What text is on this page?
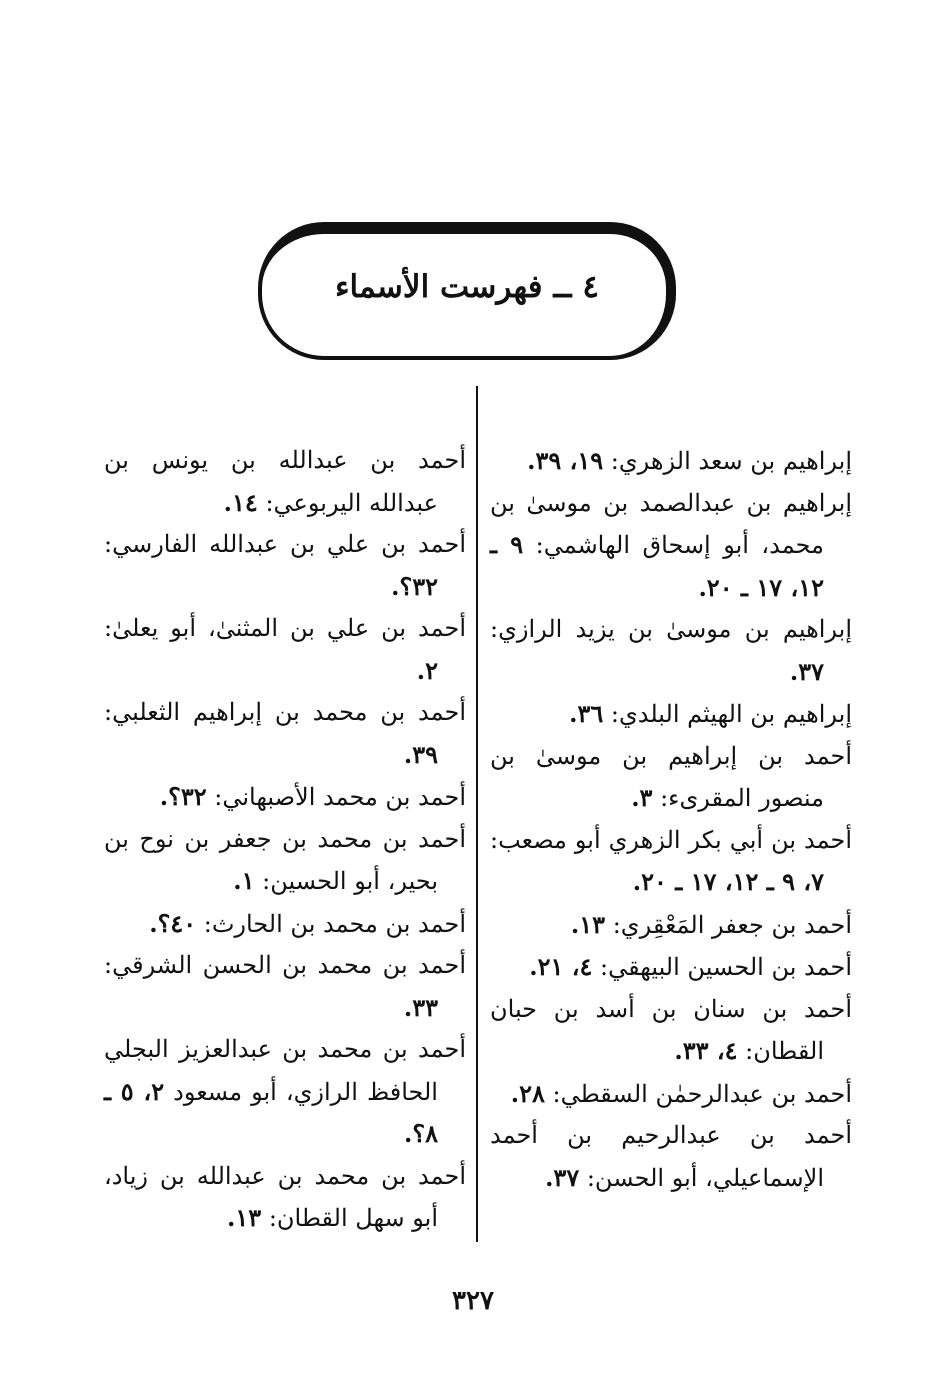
٤ ــ فهرست الأسماء
إبراهيم بن سعد الزهري: ١٩، ٣٩.
إبراهيم بن عبدالصمد بن موسىٰ بن محمد، أبو إسحاق الهاشمي: ٩ ـ ١٢، ١٧ ـ ٢٠.
إبراهيم بن موسىٰ بن يزيد الرازي: ٣٧.
إبراهيم بن الهيثم البلدي: ٣٦.
أحمد بن إبراهيم بن موسىٰ بن منصور المقرىء: ٣.
أحمد بن أبي بكر الزهري أبو مصعب: ٧، ٩ ـ ١٢، ١٧ ـ ٢٠.
أحمد بن جعفر المَعْقِري: ١٣.
أحمد بن الحسين البيهقي: ٤، ٢١.
أحمد بن سنان بن أسد بن حبان القطان: ٤، ٣٣.
أحمد بن عبدالرحمٰن السقطي: ٢٨.
أحمد بن عبدالرحيم بن أحمد الإسماعيلي، أبو الحسن: ٣٧.
أحمد بن عبدالله بن يونس بن عبدالله اليربوعي: ١٤.
أحمد بن علي بن عبدالله الفارسي: ٣٢؟.
أحمد بن علي بن المثنىٰ، أبو يعلىٰ: ٢.
أحمد بن محمد بن إبراهيم الثعلبي: ٣٩.
أحمد بن محمد الأصبهاني: ٣٢؟.
أحمد بن محمد بن جعفر بن نوح بن بحير، أبو الحسين: ١.
أحمد بن محمد بن الحارث: ٤٠؟.
أحمد بن محمد بن الحسن الشرقي: ٣٣.
أحمد بن محمد بن عبدالعزيز البجلي الحافظ الرازي، أبو مسعود ٢، ٥ ـ ٨؟.
أحمد بن محمد بن عبدالله بن زياد، أبو سهل القطان: ١٣.
٣٢٧
